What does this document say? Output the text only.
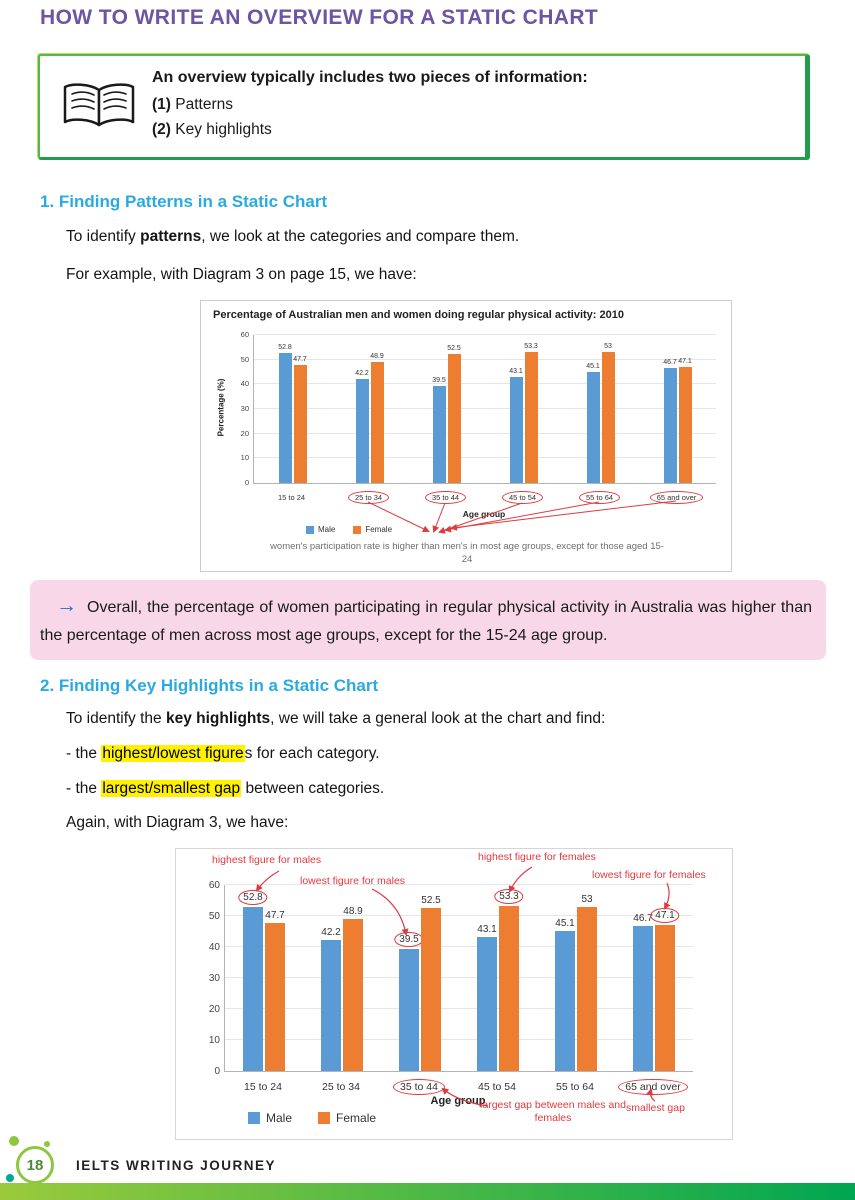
HOW TO WRITE AN OVERVIEW FOR A STATIC CHART
An overview typically includes two pieces of information:
(1) Patterns
(2) Key highlights
1. Finding Patterns in a Static Chart

To identify patterns, we look at the categories and compare them.

For example, with Diagram 3 on page 15, we have:

Percentage of Australian men and women doing regular physical activity: 2010
Percentage (%)
0
10
20
30
40
50
60
52.8
47.7
42.2
48.9
39.5
52.5
43.1
53.3
45.1
53
46.7 47.1
15 to 24	25 to 34	35 to 44	45 to 54	55 to 64	65 and over
Age group
Male	Female
women's participation rate is higher than men's in most age groups, except for those aged 15-24
→ Overall, the percentage of women participating in regular physical activity in Australia was higher than the percentage of men across most age groups, except for the 15-24 age group.
2. Finding Key Highlights in a Static Chart

To identify the key highlights, we will take a general look at the chart and find:

- the highest/lowest figures for each category.

- the largest/smallest gap between categories.

Again, with Diagram 3, we have:

0
10
20
30
40
50
60
52.8
47.7
42.2
48.9
39.5
52.5
43.1
53.3
45.1
53
46.7 47.1
15 to 24	25 to 34	35 to 44	45 to 54	55 to 64	65 and over
Age group
Male	Female
highest figure for males
lowest figure for males
highest figure for females
lowest figure for females
largest gap between males and females
smallest gap
18	IELTS WRITING JOURNEY
